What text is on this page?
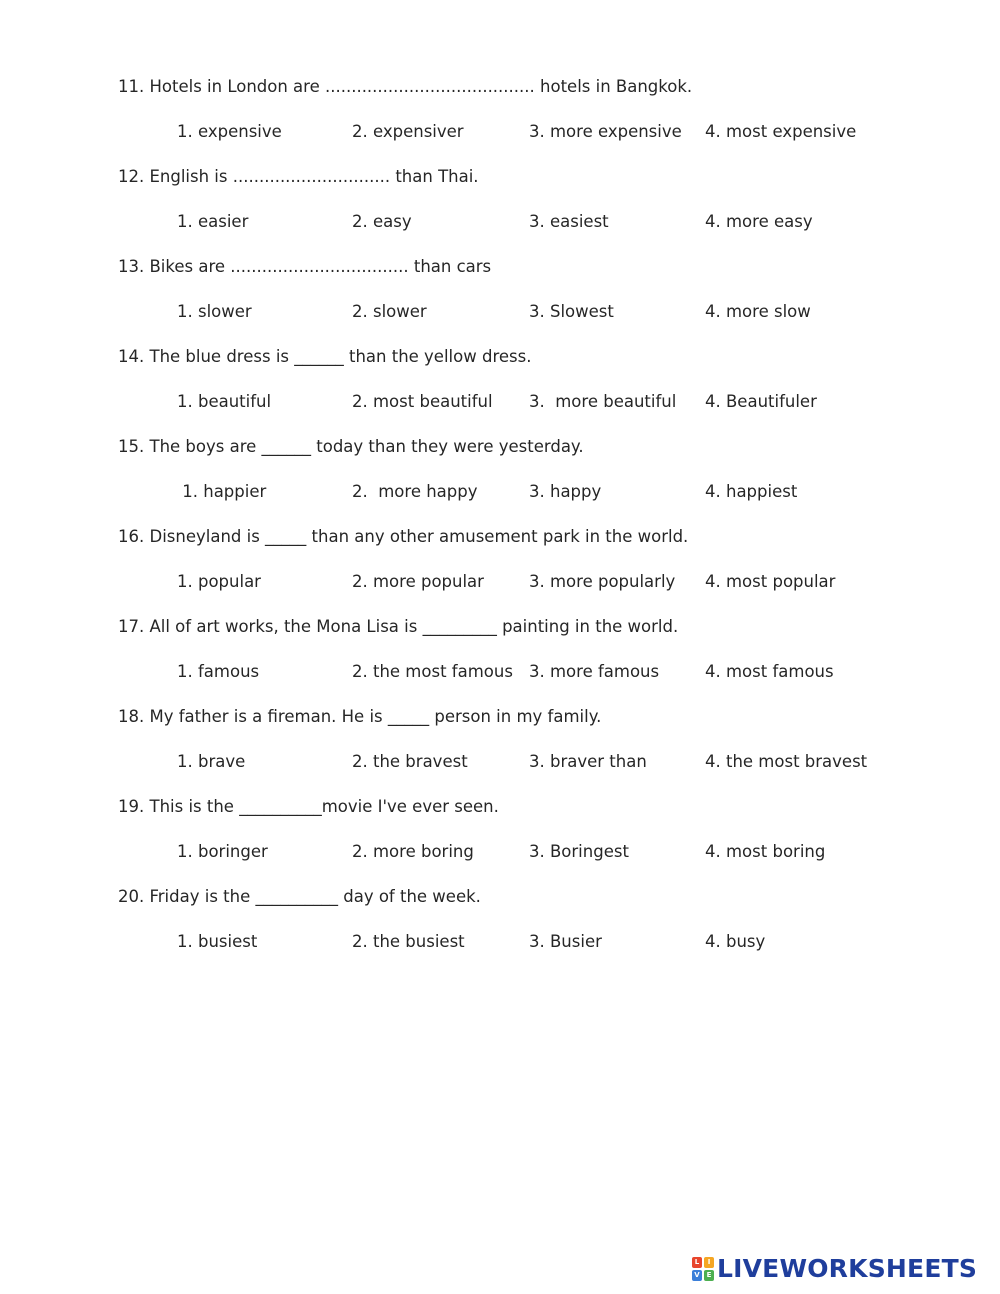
11. Hotels in London are ........................................ hotels in Bangkok.
1. expensive	2. expensiver	3. more expensive 4. most expensive
12. English is .............................. than Thai.
1. easier	2. easy	3. easiest	4. more easy
13. Bikes are .................................. than cars
1. slower	2. slower	3. Slowest	4. more slow
14. The blue dress is ______ than the yellow dress.
1. beautiful	2. most beautiful 3.  more beautiful 4. Beautifuler
15. The boys are ______ today than they were yesterday.
1. happier	2.  more happy	3. happy	4. happiest
16. Disneyland is _____ than any other amusement park in the world.
1. popular	2. more popular	3. more popularly 4. most popular
17. All of art works, the Mona Lisa is _________ painting in the world.
1. famous	2. the most famous 3. more famous	4. most famous
18. My father is a fireman. He is _____ person in my family.
1. brave	2. the bravest	3. braver than	4. the most bravest
19. This is the __________movie I've ever seen.
1. boringer	2. more boring	3. Boringest	4. most boring
20. Friday is the __________ day of the week.
1. busiest	2. the busiest	3. Busier	4. busy
L	I
V E LIVEWORKSHEETS
